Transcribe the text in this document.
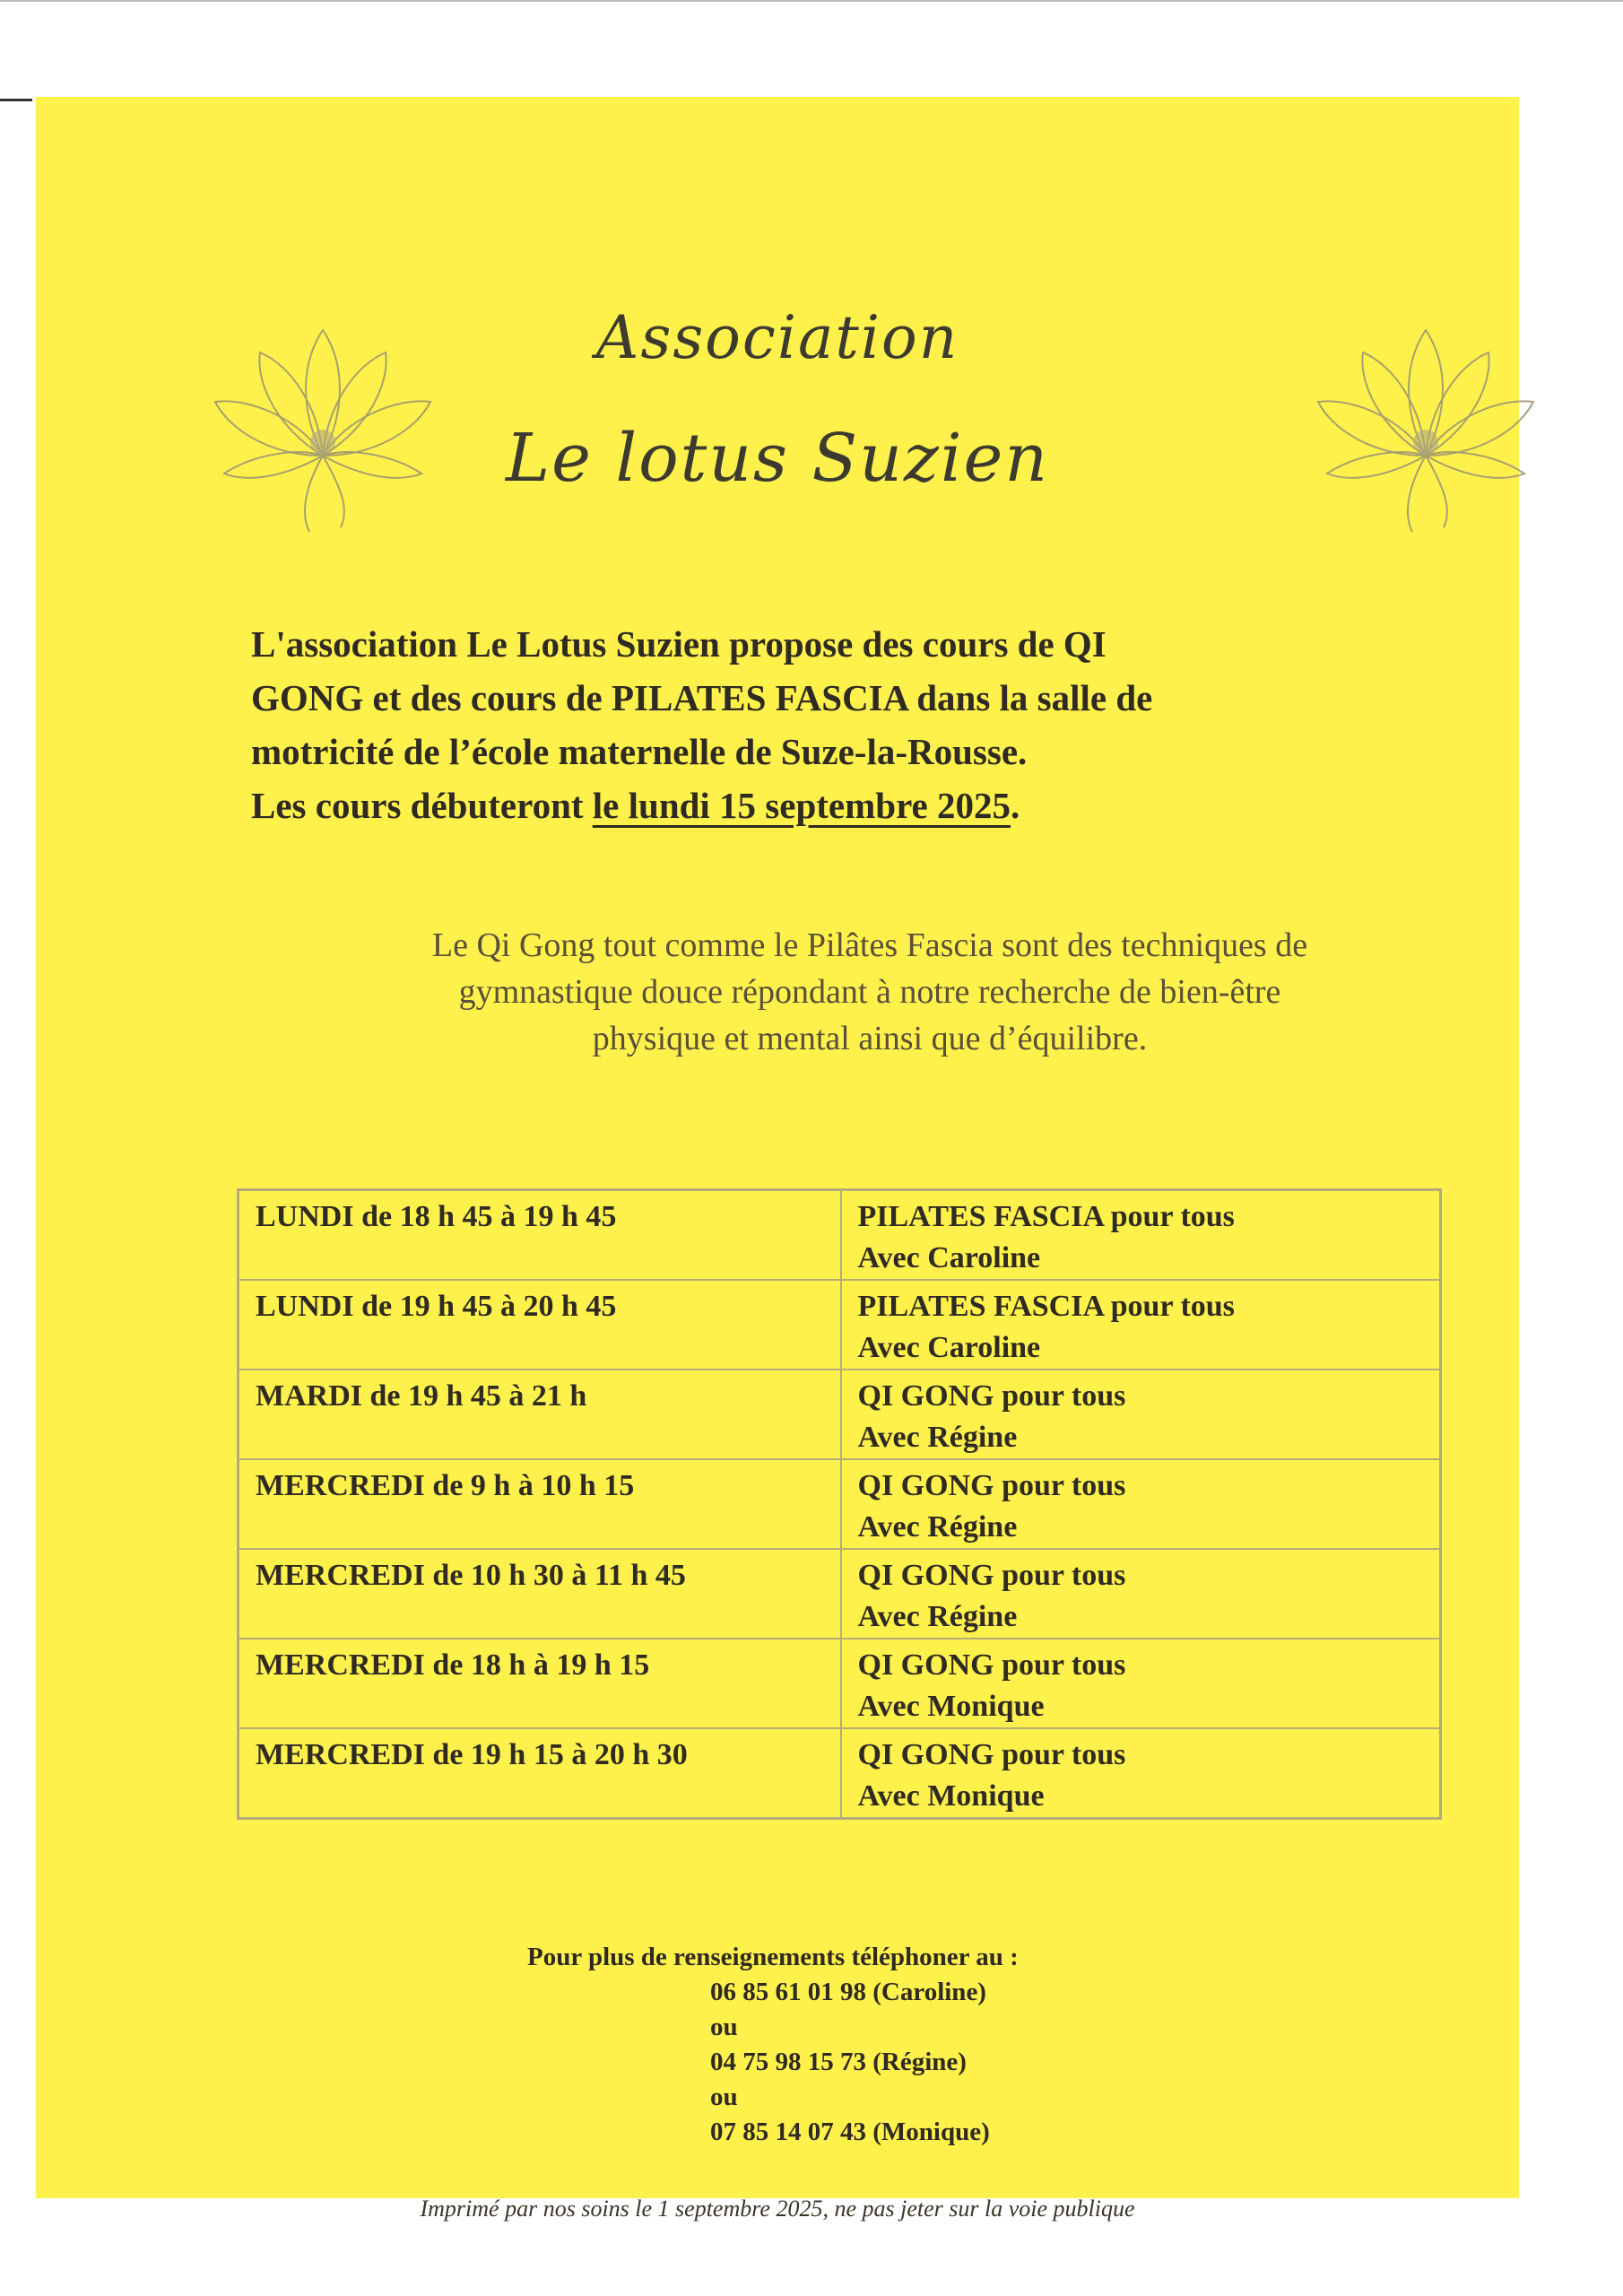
Association
Le lotus Suzien

L'association Le Lotus Suzien propose des cours de QI

GONG et des cours de PILATES FASCIA dans la salle de

motricité de l’école maternelle de Suze-la-Rousse.

Les cours débuteront le lundi 15 septembre 2025.

Le Qi Gong tout comme le Pilâtes Fascia sont des techniques de

gymnastique douce répondant à notre recherche de bien-être

physique et mental ainsi que d’équilibre.

LUNDI de 18 h 45 à 19 h 45	PILATES FASCIA pour tous
Avec Caroline

LUNDI de 19 h 45 à 20 h 45	PILATES FASCIA pour tous
Avec Caroline

MARDI de 19 h 45 à 21 h	QI GONG pour tous
Avec Régine

MERCREDI de 9 h à 10 h 15	QI GONG pour tous
Avec Régine

MERCREDI de 10 h 30 à 11 h 45	QI GONG pour tous
Avec Régine

MERCREDI de 18 h à 19 h 15	QI GONG pour tous
Avec Monique

MERCREDI de 19 h 15 à 20 h 30	QI GONG pour tous
Avec Monique
Pour plus de renseignements téléphoner au :
06 85 61 01 98 (Caroline)
ou
04 75 98 15 73 (Régine)
ou
07 85 14 07 43 (Monique)
Imprimé par nos soins le 1 septembre 2025, ne pas jeter sur la voie publique
